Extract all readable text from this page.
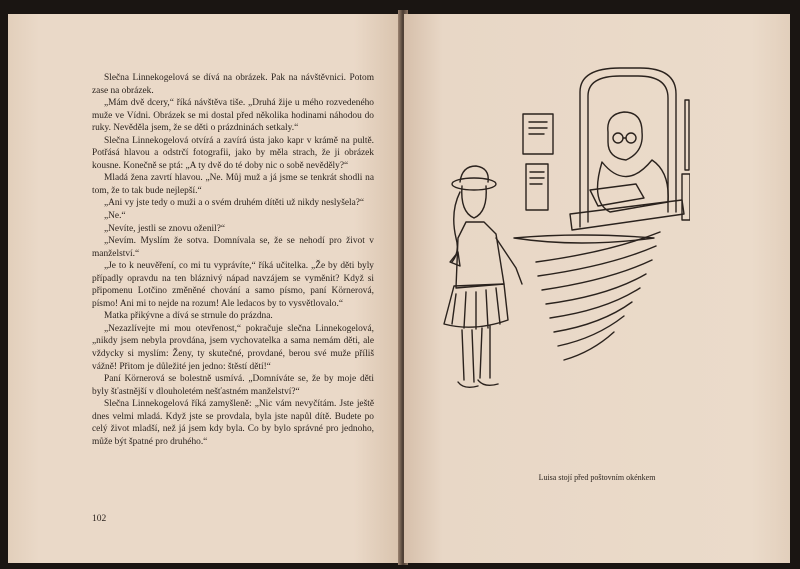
Slečna Linnekogelová se dívá na obrázek. Pak na návštěvnici. Potom zase na obrázek.

„Mám dvě dcery,“ říká návštěva tiše. „Druhá žije u mého rozvedeného muže ve Vídni. Obrázek se mi dostal před několika hodinami náhodou do ruky. Nevěděla jsem, že se děti o prázdninách setkaly.“

Slečna Linnekogelová otvírá a zavírá ústa jako kapr v krámě na pultě. Potřásá hlavou a odstrčí fotografii, jako by měla strach, že ji obrázek kousne. Konečně se ptá: „A ty dvě do té doby nic o sobě nevěděly?“

Mladá žena zavrtí hlavou. „Ne. Můj muž a já jsme se tenkrát shodli na tom, že to tak bude nejlepší.“

„Ani vy jste tedy o muži a o svém druhém dítěti už nikdy neslyšela?“

„Ne.“

„Nevíte, jestli se znovu oženil?“

„Nevím. Myslím že sotva. Domnívala se, že se nehodí pro život v manželství.“

„Je to k neuvěření, co mi tu vyprávíte,“ říká učitelka. „Že by děti byly případly opravdu na ten bláznivý nápad navzájem se vyměnit? Když si připomenu Lotčino změněné chování a samo písmo, paní Körnerová, písmo! Ani mi to nejde na rozum! Ale ledacos by to vysvětlovalo.“

Matka přikývne a dívá se strnule do prázdna.

„Nezazlívejte mi mou otevřenost,“ pokračuje slečna Linnekogelová, „nikdy jsem nebyla provdána, jsem vychovatelka a sama nemám děti, ale vždycky si myslím: Ženy, ty skutečné, provdané, berou své muže příliš vážně! Přitom je důležité jen jedno: štěstí dětí!“

Paní Körnerová se bolestně usmívá. „Domníváte se, že by moje děti byly šťastnější v dlouholetém nešťastném manželství?“

Slečna Linnekogelová říká zamyšleně: „Nic vám nevyčítám. Jste ještě dnes velmi mladá. Když jste se provdala, byla jste napůl dítě. Budete po celý život mladší, než já jsem kdy byla. Co by bylo správné pro jednoho, může být špatné pro druhého.“

102
Luisa stojí před poštovním okénkem
